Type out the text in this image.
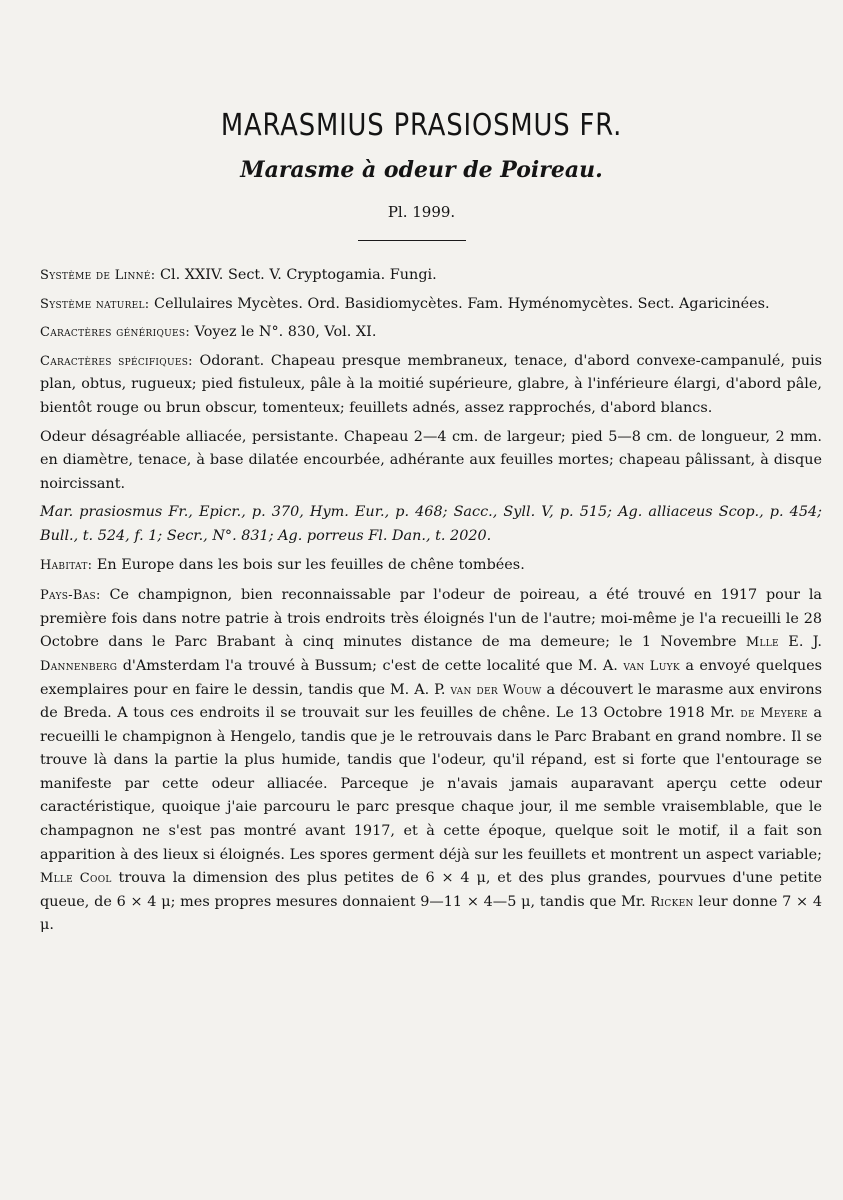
MARASMIUS PRASIOSMUS FR.
Marasme à odeur de Poireau.
Pl. 1999.

Système de Linné: Cl. XXIV. Sect. V. Cryptogamia. Fungi.

Système naturel: Cellulaires Mycètes. Ord. Basidiomycètes. Fam. Hyménomycètes. Sect. Agaricinées.

Caractères génériques: Voyez le N°. 830, Vol. XI.

Caractères spécifiques: Odorant. Chapeau presque membraneux, tenace, d'abord convexe-campanulé, puis plan, obtus, rugueux; pied fistuleux, pâle à la moitié supérieure, glabre, à l'inférieure élargi, d'abord pâle, bientôt rouge ou brun obscur, tomenteux; feuillets adnés, assez rapprochés, d'abord blancs.

Odeur désagréable alliacée, persistante. Chapeau 2—4 cm. de largeur; pied 5—8 cm. de longueur, 2 mm. en diamètre, tenace, à base dilatée encourbée, adhérante aux feuilles mortes; chapeau pâlissant, à disque noircissant.

Mar. prasiosmus Fr., Epicr., p. 370, Hym. Eur., p. 468; Sacc., Syll. V, p. 515; Ag. alliaceus Scop., p. 454; Bull., t. 524, f. 1; Secr., N°. 831; Ag. porreus Fl. Dan., t. 2020.

Habitat: En Europe dans les bois sur les feuilles de chêne tombées.

Pays-Bas: Ce champignon, bien reconnaissable par l'odeur de poireau, a été trouvé en 1917 pour la première fois dans notre patrie à trois endroits très éloignés l'un de l'autre; moi-même je l'a recueilli le 28 Octobre dans le Parc Brabant à cinq minutes distance de ma demeure; le 1 Novembre Mlle E. J. Dannenberg d'Amsterdam l'a trouvé à Bussum; c'est de cette localité que M. A. van Luyk a envoyé quelques exemplaires pour en faire le dessin, tandis que M. A. P. van der Wouw a découvert le marasme aux environs de Breda. A tous ces endroits il se trouvait sur les feuilles de chêne. Le 13 Octobre 1918 Mr. de Meyere a recueilli le champignon à Hengelo, tandis que je le retrouvais dans le Parc Brabant en grand nombre. Il se trouve là dans la partie la plus humide, tandis que l'odeur, qu'il répand, est si forte que l'entourage se manifeste par cette odeur alliacée. Parceque je n'avais jamais auparavant aperçu cette odeur caractéristique, quoique j'aie parcouru le parc presque chaque jour, il me semble vraisemblable, que le champagnon ne s'est pas montré avant 1917, et à cette époque, quelque soit le motif, il a fait son apparition à des lieux si éloignés. Les spores germent déjà sur les feuillets et montrent un aspect variable; Mlle Cool trouva la dimension des plus petites de 6 × 4 μ, et des plus grandes, pourvues d'une petite queue, de 6 × 4 μ; mes propres mesures donnaient 9—11 × 4—5 μ, tandis que Mr. Ricken leur donne 7 × 4 μ.
